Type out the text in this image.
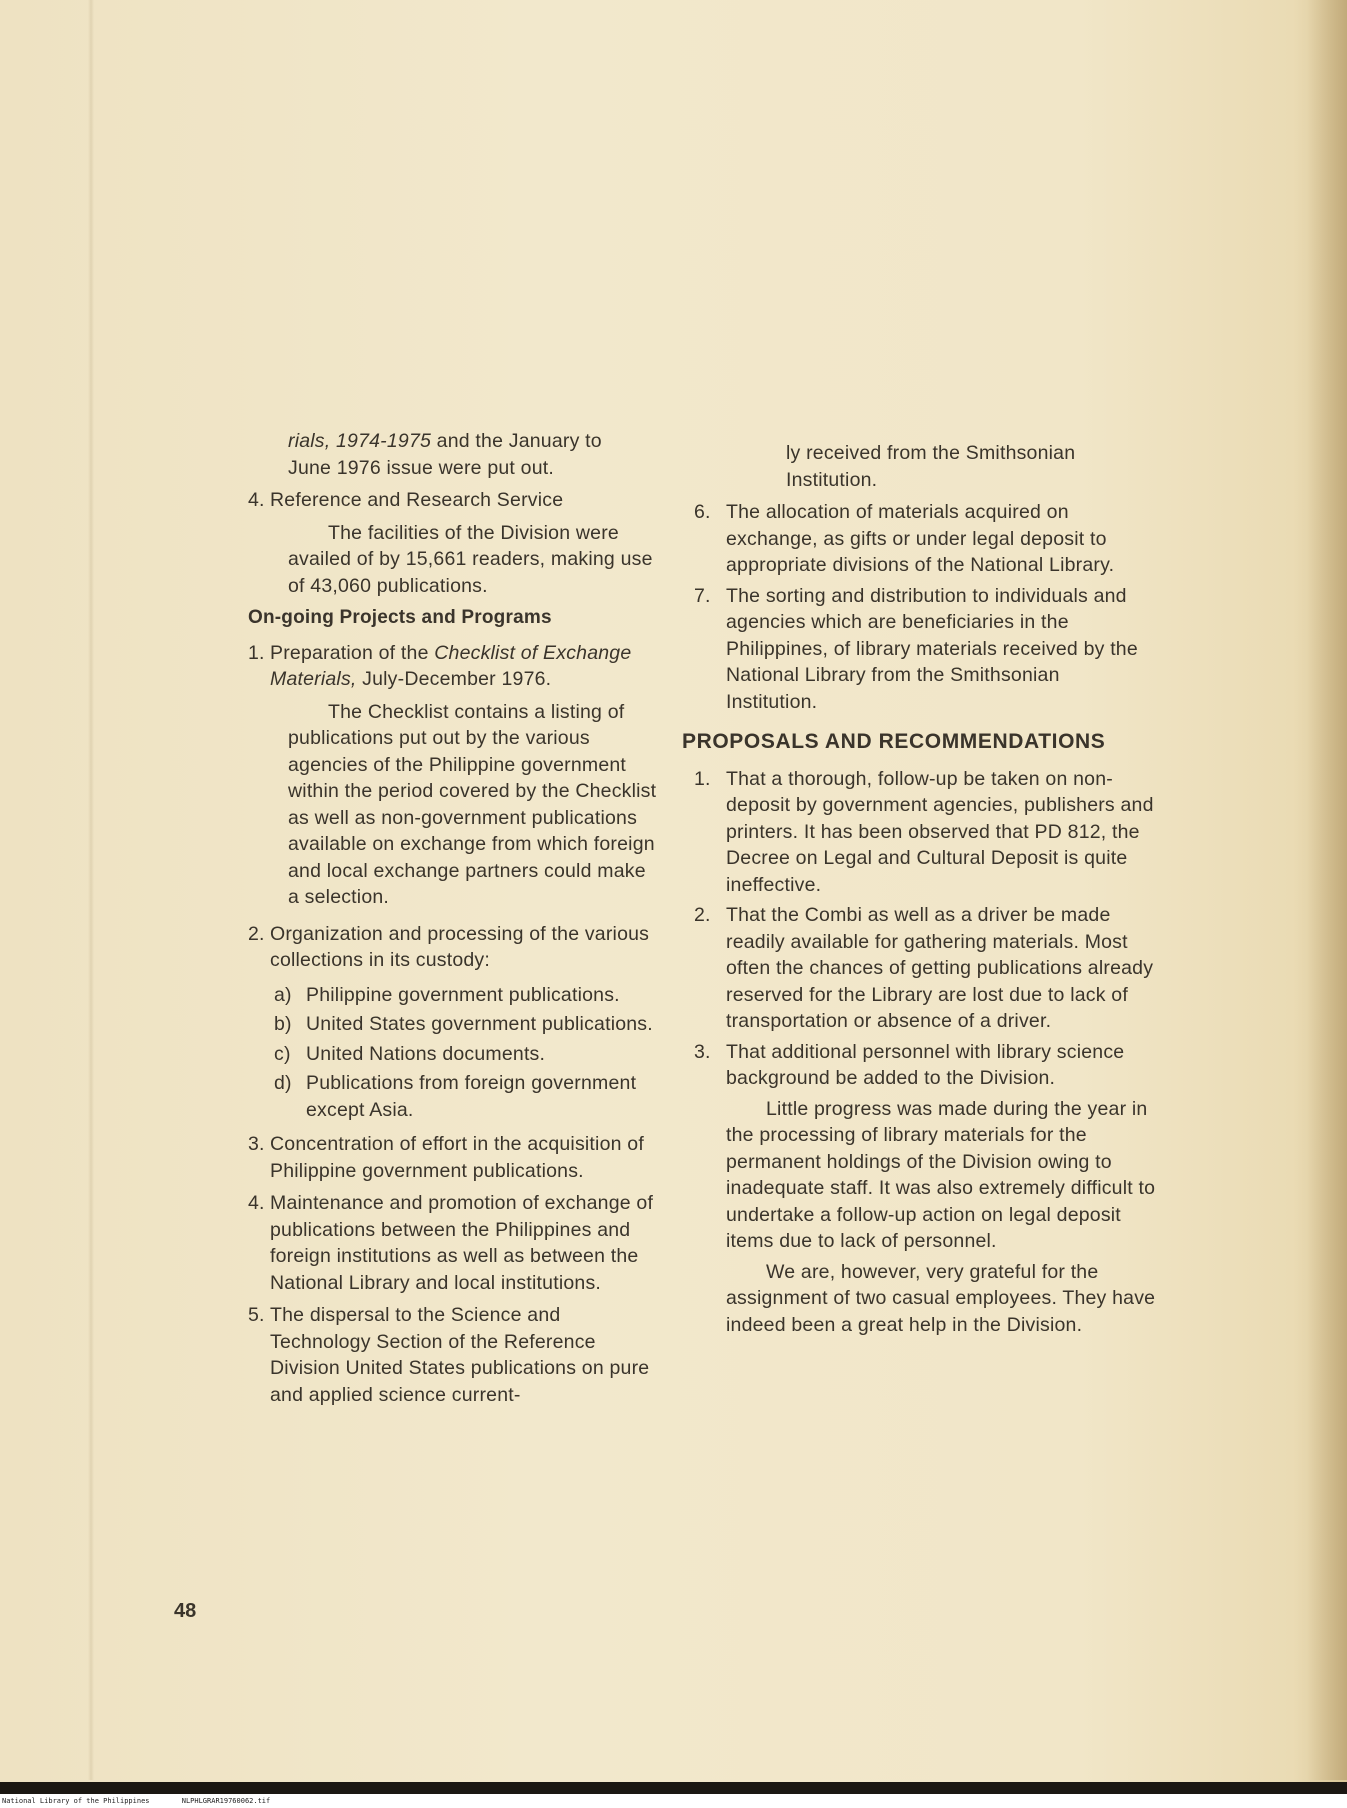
rials, 1974-1975 and the January to

June 1976 issue were put out.

4. Reference and Research Service

The facilities of the Division were availed of by 15,661 readers, making use of 43,060 publications.

On-going Projects and Programs

1. Preparation of the Checklist of Exchange Materials, July-December 1976.

The Checklist contains a listing of publications put out by the various agencies of the Philippine government within the period covered by the Checklist as well as non-government publications available on exchange from which foreign and local exchange partners could make a selection.

2. Organization and processing of the various collections in its custody:
a) Philippine government publications.
b) United States government publications.
c) United Nations documents.
d) Publications from foreign government except Asia.
3. Concentration of effort in the acquisition of Philippine government publications.
4. Maintenance and promotion of exchange of publications between the Philippines and foreign institutions as well as between the National Library and local institutions.
5. The dispersal to the Science and Technology Section of the Reference Division United States publications on pure and applied science current-

ly received from the Smithsonian Institution.

6. The allocation of materials acquired on exchange, as gifts or under legal deposit to appropriate divisions of the National Library.
7. The sorting and distribution to individuals and agencies which are beneficiaries in the Philippines, of library materials received by the National Library from the Smithsonian Institution.

PROPOSALS AND RECOMMENDATIONS

1. That a thorough, follow-up be taken on non-deposit by government agencies, publishers and printers. It has been observed that PD 812, the Decree on Legal and Cultural Deposit is quite ineffective.
2. That the Combi as well as a driver be made readily available for gathering materials. Most often the chances of getting publications already reserved for the Library are lost due to lack of transportation or absence of a driver.
3. That additional personnel with library science background be added to the Division.

Little progress was made during the year in the processing of library materials for the permanent holdings of the Division owing to inadequate staff. It was also extremely difficult to undertake a follow-up action on legal deposit items due to lack of personnel.

We are, however, very grateful for the assignment of two casual employees. They have indeed been a great help in the Division.

48
National Library of the Philippines	NLPHLGRAR19760062.tif
